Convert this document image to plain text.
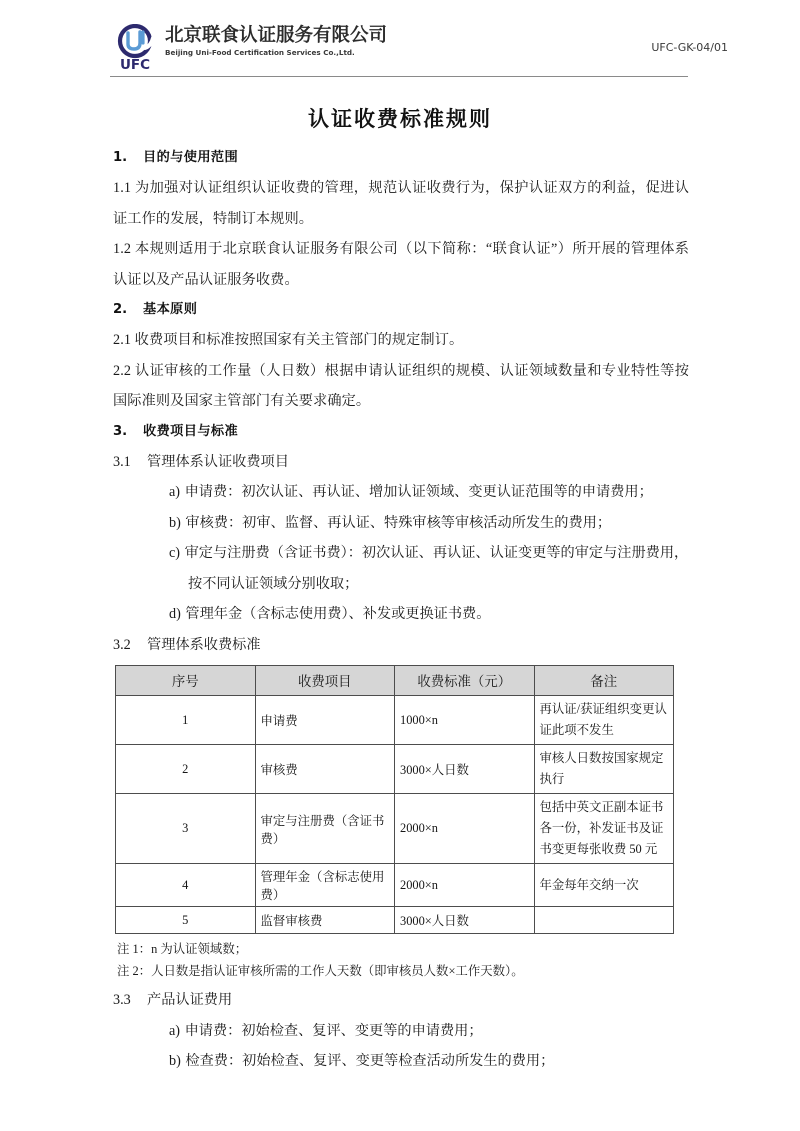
UFC
北京联食认证服务有限公司
Beijing Uni-Food Certification Services Co.,Ltd.	UFC-GK-04/01
认证收费标准规则
1.	目的与使用范围
1.1 为加强对认证组织认证收费的管理，规范认证收费行为，保护认证双方的利益，促进认证工作的发展，特制订本规则。
1.2 本规则适用于北京联食认证服务有限公司（以下简称：“联食认证”）所开展的管理体系认证以及产品认证服务收费。
2.	基本原则
2.1 收费项目和标准按照国家有关主管部门的规定制订。
2.2 认证审核的工作量（人日数）根据申请认证组织的规模、认证领域数量和专业特性等按国际准则及国家主管部门有关要求确定。
3.	收费项目与标准
3.1	管理体系认证收费项目
a) 申请费：初次认证、再认证、增加认证领域、变更认证范围等的申请费用；
b) 审核费：初审、监督、再认证、特殊审核等审核活动所发生的费用；
c) 审定与注册费（含证书费）：初次认证、再认证、认证变更等的审定与注册费用，
按不同认证领域分别收取；
d) 管理年金（含标志使用费）、补发或更换证书费。
3.2	管理体系收费标准
序号	收费项目	收费标准（元）	备注
1	申请费	1000×n	再认证/获证组织变更认证此项不发生
2	审核费	3000×人日数	审核人日数按国家规定执行
3	审定与注册费（含证书费）	2000×n	包括中英文正副本证书各一份，补发证书及证书变更每张收费 50 元
4	管理年金（含标志使用费）	2000×n	年金每年交纳一次
5	监督审核费	3000×人日数	
注 1：n 为认证领域数；
注 2：人日数是指认证审核所需的工作人天数（即审核员人数×工作天数）。
3.3	产品认证费用
a) 申请费：初始检查、复评、变更等的申请费用；
b) 检查费：初始检查、复评、变更等检查活动所发生的费用；
